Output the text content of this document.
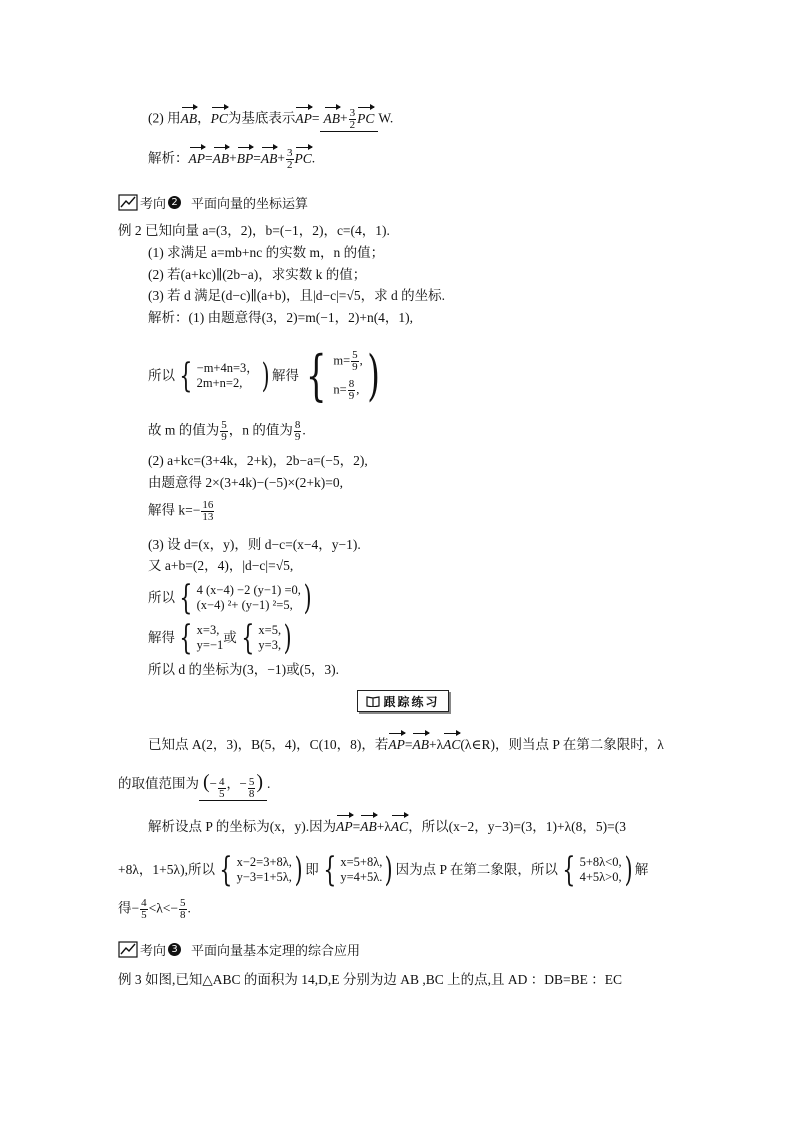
(2) 用AB，PC为基底表示$AP= AB+ \frac{3}{2}$ PC W.
解析：$AP=AB+BP=AB+ \frac{3}{2}$ PC.
考向 2 平面向量的坐标运算
例 2 已知向量 a=(3，2)，b=(−1，2)，c=(4，1).
(1) 求满足 a=mb+nc 的实数 m，n 的值；
(2) 若(a+kc)∥(2b−a)，求实数 k 的值；
(3) 若 d 满足(d−c)∥(a+b)，且|d−c|=√5，求 d 的坐标.
解析：(1) 由题意得(3，2)=m(−1，2)+n(4，1),
所以 { −m+4n=3，
2m+n=2, ) 解得 { $m= \frac{5}{9}$ ,
$n= \frac{8}{9}$ , )
故 m 的值为 $\frac{5}{9}$ ，n 的值为 $\frac{8}{9}$ .
(2) a+kc=(3+4k，2+k)，2b−a=(−5，2),
由题意得 2×(3+4k)−(−5)×(2+k)=0,
解得 $k=- \frac{16}{13}$
(3) 设 d=(x，y)，则 d−c=(x−4，y−1).
又 a+b=(2，4)，|d−c|=√5,
所以 { 4 (x−4) −2 (y−1) =0,
(x−4) ²+ (y−1) ²=5, )
解得 { x=3,
y=−1 或 { x=5,
y=3, )
所以 d 的坐标为(3，−1)或(5，3).
跟踪练习
已知点 A(2，3)，B(5，4)，C(10，8)，若AP=AB+λAC(λ∈R)，则当点 P 在第二象限时，λ
的取值范围为 (− $\frac{4}{5}$ ，− $\frac{5}{8}$ ) .
解析设点 P 的坐标为(x，y).因为AP=AB+λAC，所以(x−2，y−3)=(3，1)+λ(8，5)=(3
+8λ，1+5λ),所以 { x−2=3+8λ,
y−3=1+5λ, ) 即 { x=5+8λ,
y=4+5λ. ) 因为点 P 在第二象限，所以 { 5+8λ<0,
4+5λ>0, ) 解
得− $\frac{4}{5} <\lambda<- \frac{5}{8}$ .
考向 3 平面向量基本定理的综合应用
例 3 如图,已知△ABC 的面积为 14,D,E 分别为边 AB ,BC 上的点,且 AD ：DB=BE ：EC
